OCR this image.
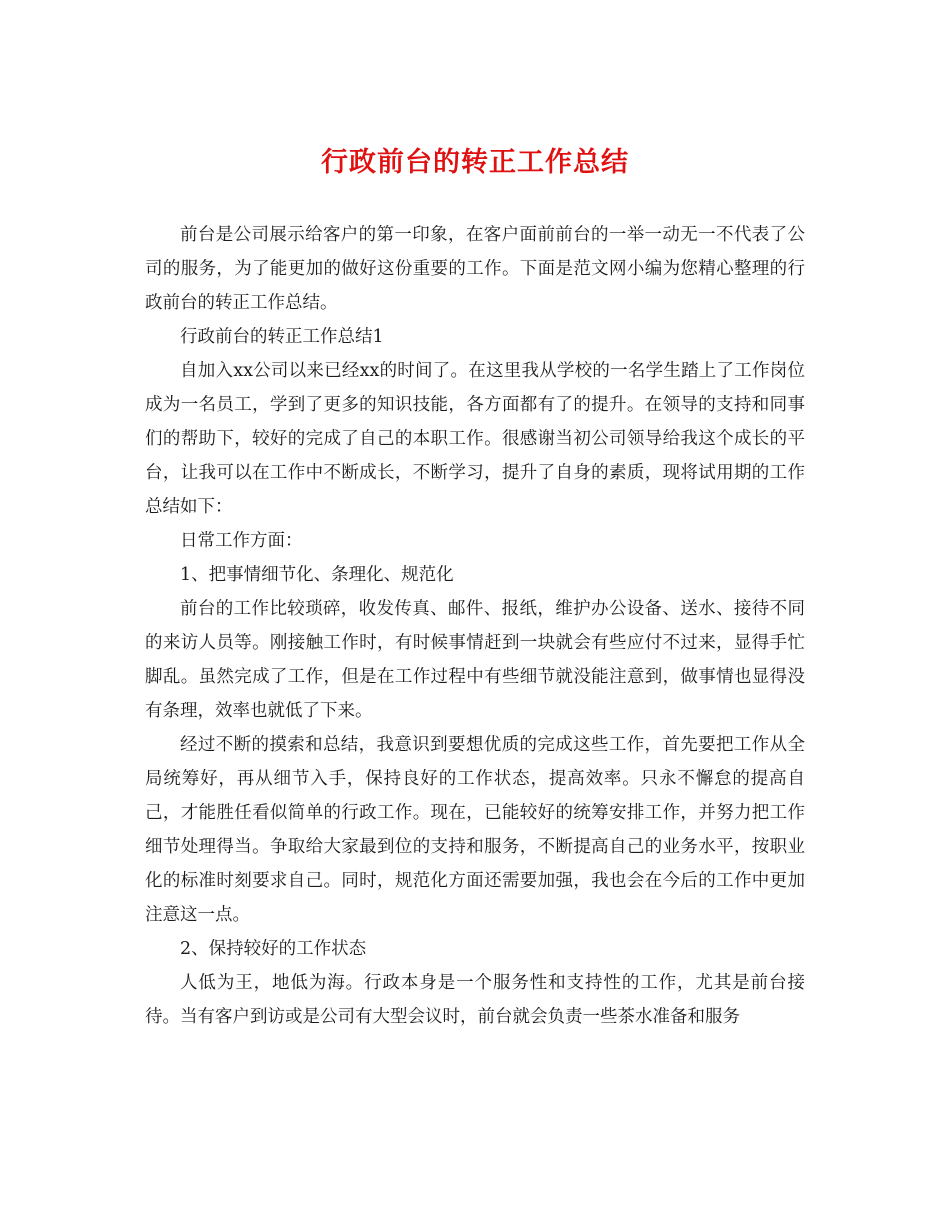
行政前台的转正工作总结

前台是公司展示给客户的第一印象，在客户面前前台的一举一动无一不代表了公司的服务，为了能更加的做好这份重要的工作。下面是范文网小编为您精心整理的行政前台的转正工作总结。

行政前台的转正工作总结1

自加入xx公司以来已经xx的时间了。在这里我从学校的一名学生踏上了工作岗位成为一名员工，学到了更多的知识技能，各方面都有了的提升。在领导的支持和同事们的帮助下，较好的完成了自己的本职工作。很感谢当初公司领导给我这个成长的平台，让我可以在工作中不断成长，不断学习，提升了自身的素质，现将试用期的工作总结如下：

日常工作方面：

1、把事情细节化、条理化、规范化

前台的工作比较琐碎，收发传真、邮件、报纸，维护办公设备、送水、接待不同的来访人员等。刚接触工作时，有时候事情赶到一块就会有些应付不过来，显得手忙脚乱。虽然完成了工作，但是在工作过程中有些细节就没能注意到，做事情也显得没有条理，效率也就低了下来。

经过不断的摸索和总结，我意识到要想优质的完成这些工作，首先要把工作从全局统筹好，再从细节入手，保持良好的工作状态，提高效率。只永不懈怠的提高自己，才能胜任看似简单的行政工作。现在，已能较好的统筹安排工作，并努力把工作细节处理得当。争取给大家最到位的支持和服务，不断提高自己的业务水平，按职业化的标准时刻要求自己。同时，规范化方面还需要加强，我也会在今后的工作中更加注意这一点。

2、保持较好的工作状态

人低为王，地低为海。行政本身是一个服务性和支持性的工作，尤其是前台接待。当有客户到访或是公司有大型会议时，前台就会负责一些茶水准备和服务
